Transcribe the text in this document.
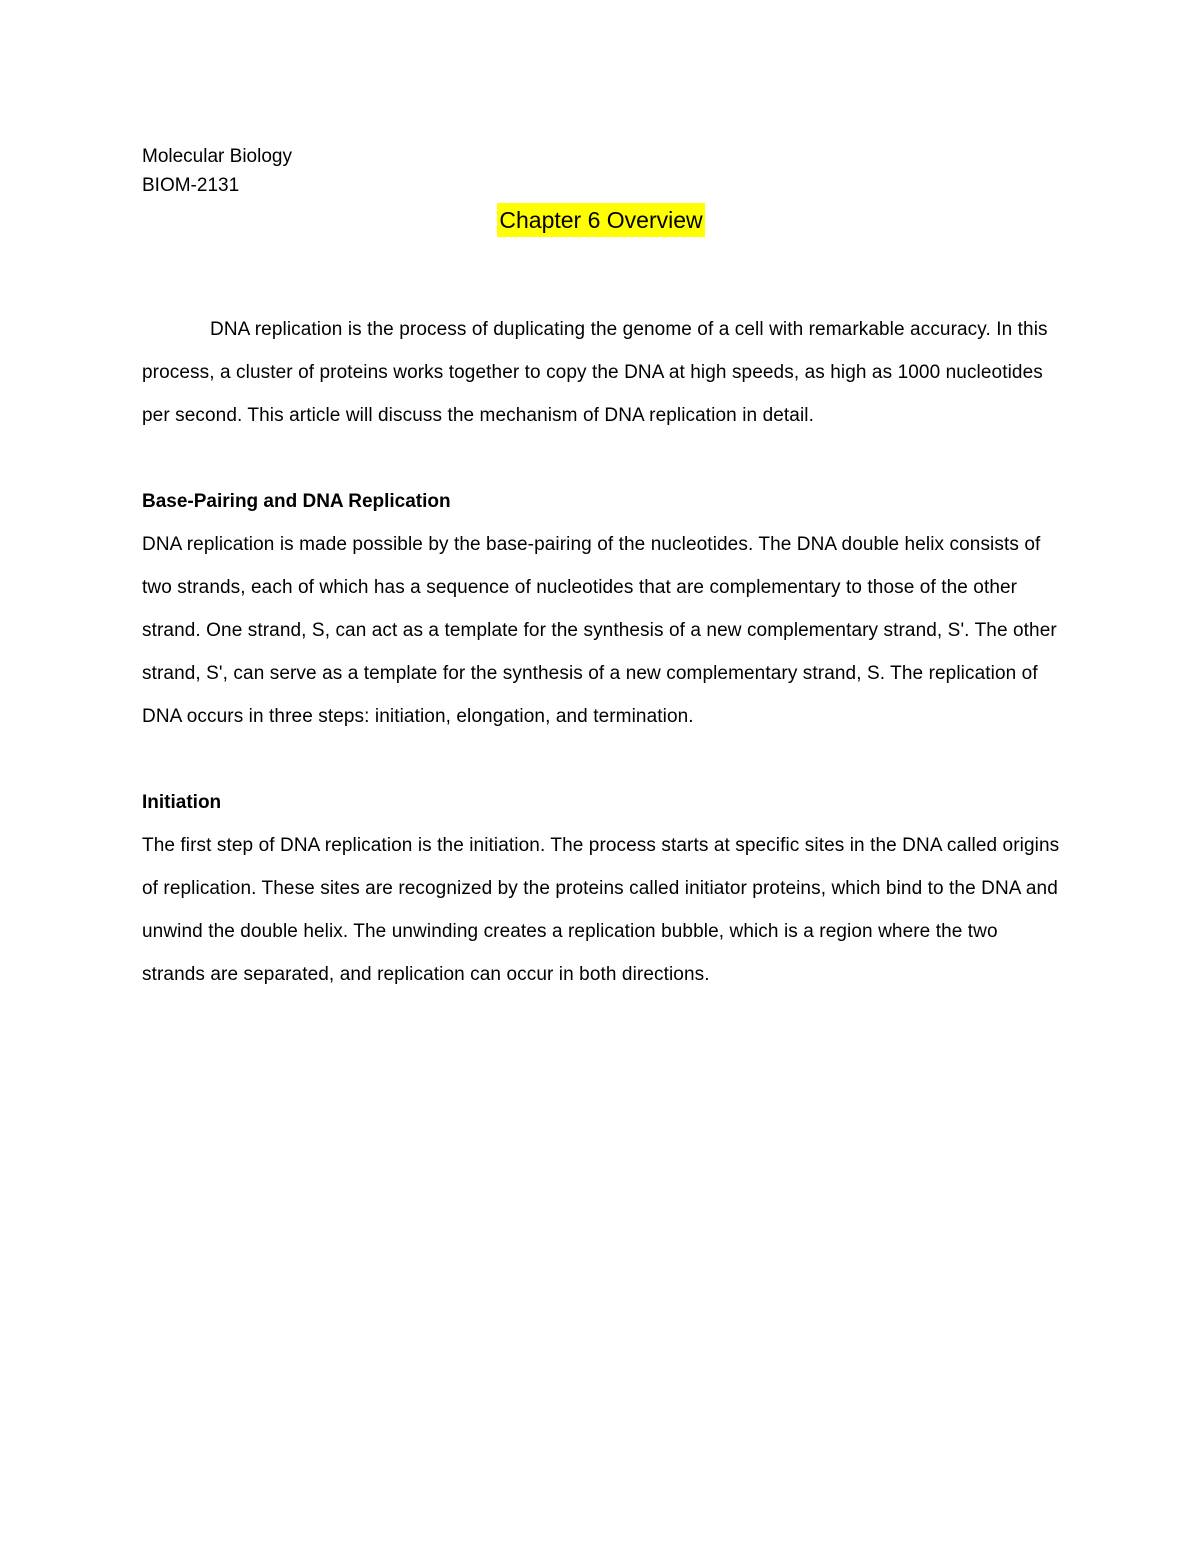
Molecular Biology

BIOM-2131

Chapter 6 Overview

DNA replication is the process of duplicating the genome of a cell with remarkable accuracy. In this process, a cluster of proteins works together to copy the DNA at high speeds, as high as 1000 nucleotides per second. This article will discuss the mechanism of DNA replication in detail.

Base-Pairing and DNA Replication

DNA replication is made possible by the base-pairing of the nucleotides. The DNA double helix consists of two strands, each of which has a sequence of nucleotides that are complementary to those of the other strand. One strand, S, can act as a template for the synthesis of a new complementary strand, S'. The other strand, S', can serve as a template for the synthesis of a new complementary strand, S. The replication of DNA occurs in three steps: initiation, elongation, and termination.

Initiation

The first step of DNA replication is the initiation. The process starts at specific sites in the DNA called origins of replication. These sites are recognized by the proteins called initiator proteins, which bind to the DNA and unwind the double helix. The unwinding creates a replication bubble, which is a region where the two strands are separated, and replication can occur in both directions.
